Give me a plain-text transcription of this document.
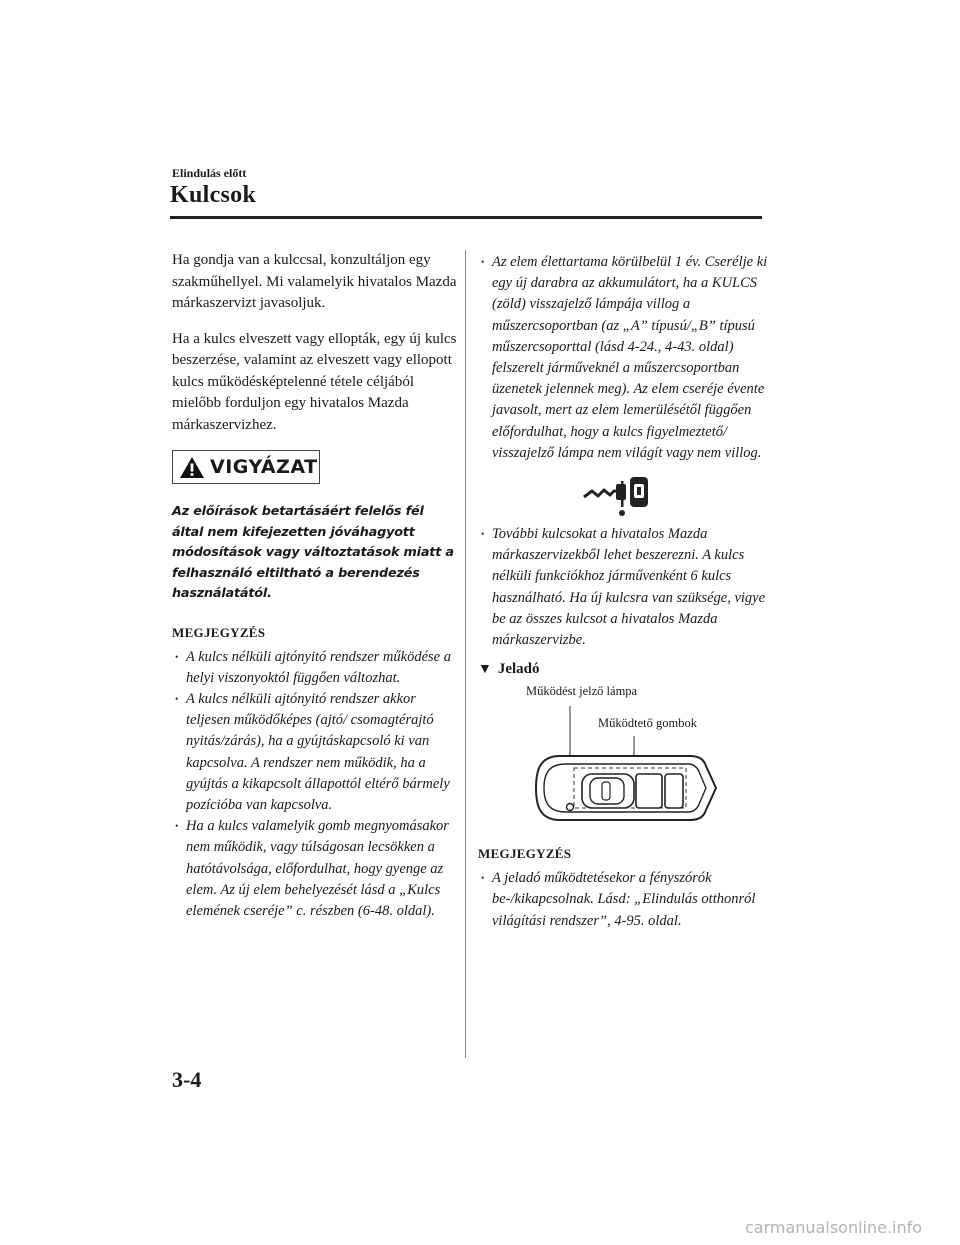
Elindulás előtt
Kulcsok

Ha gondja van a kulccsal, konzultáljon egy szakműhellyel. Mi valamelyik hivatalos Mazda márkaszervizt javasoljuk.

Ha a kulcs elveszett vagy ellopták, egy új kulcs beszerzése, valamint az elveszett vagy ellopott kulcs működésképtelenné tétele céljából mielőbb forduljon egy hivatalos Mazda márkaszervizhez.

VIGYÁZAT

Az előírások betartásáért felelős fél által nem kifejezetten jóváhagyott módosítások vagy változtatások miatt a felhasználó eltiltható a berendezés használatától.

MEGJEGYZÉS

• A kulcs nélküli ajtónyitó rendszer működése a helyi viszonyoktól függően változhat.
• A kulcs nélküli ajtónyitó rendszer akkor teljesen működőképes (ajtó/ csomagtérajtó nyitás/zárás), ha a gyújtáskapcsoló ki van kapcsolva. A rendszer nem működik, ha a gyújtás a kikapcsolt állapottól eltérő bármely pozícióba van kapcsolva.
• Ha a kulcs valamelyik gomb megnyomásakor nem működik, vagy túlságosan lecsökken a hatótávolsága, előfordulhat, hogy gyenge az elem. Az új elem behelyezését lásd a „Kulcs elemének cseréje” c. részben (6-48. oldal).
• Az elem élettartama körülbelül 1 év. Cserélje ki egy új darabra az akkumulátort, ha a KULCS (zöld) visszajelző lámpája villog a műszercsoportban (az „A” típusú/„B” típusú műszercsoporttal (lásd 4-24., 4-43. oldal) felszerelt járműveknél a műszercsoportban üzenetek jelennek meg). Az elem cseréje évente javasolt, mert az elem lemerülésétől függően előfordulhat, hogy a kulcs figyelmeztető/ visszajelző lámpa nem világít vagy nem villog.
• További kulcsokat a hivatalos Mazda márkaszervizekből lehet beszerezni. A kulcs nélküli funkciókhoz járművenként 6 kulcs használható. Ha új kulcsra van szüksége, vigye be az összes kulcsot a hivatalos Mazda márkaszervizbe.
▼ Jeladó
Működést jelző lámpa
Működtető gombok

MEGJEGYZÉS

• A jeladó működtetésekor a fényszórók be-/kikapcsolnak. Lásd: „Elindulás otthonról világítási rendszer”, 4-95. oldal.
3-4
carmanualsonline.info
